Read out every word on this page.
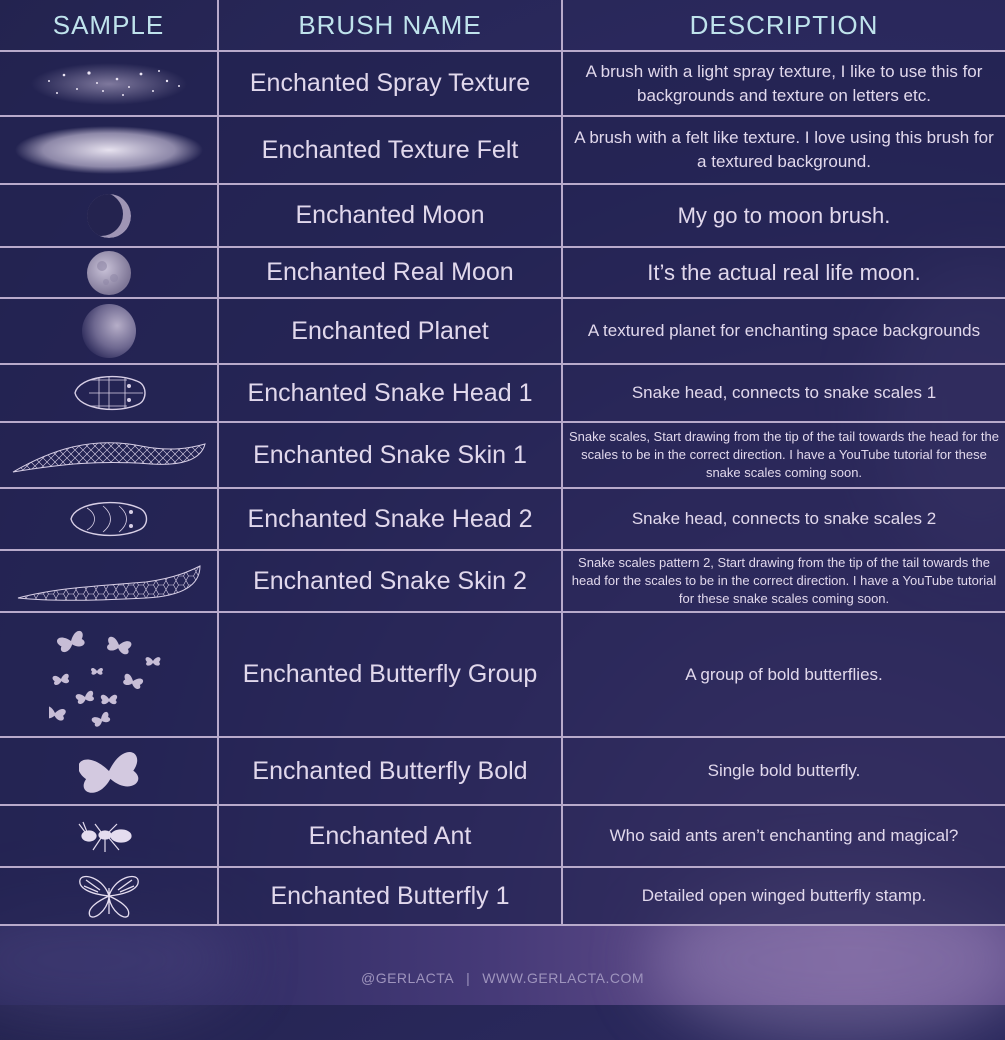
SAMPLE	BRUSH NAME	DESCRIPTION

	Enchanted Spray Texture	A brush with a light spray texture, I like to use this for backgrounds and texture on letters etc.

	Enchanted Texture Felt	A brush with a felt like texture. I love using this brush for a textured background.

	Enchanted Moon	My go to moon brush.

	Enchanted Real Moon	It’s the actual real life moon.

	Enchanted Planet	A textured planet for enchanting space backgrounds

	Enchanted Snake Head 1	Snake head, connects to snake scales 1

	Enchanted Snake Skin 1	Snake scales, Start drawing from the tip of the tail towards the head for the scales to be in the correct direction. I have a YouTube tutorial for these snake scales coming soon.

	Enchanted Snake Head 2	Snake head, connects to snake scales 2

	Enchanted Snake Skin 2	Snake scales pattern 2, Start drawing from the tip of the tail towards the head for the scales to be in the correct direction. I have a YouTube tutorial for these snake scales coming soon.

	Enchanted Butterfly Group	A group of bold butterflies.

	Enchanted Butterfly Bold	Single bold butterfly.

	Enchanted Ant	Who said ants aren’t enchanting and magical?

	Enchanted Butterfly 1	Detailed open winged butterfly stamp.
@GERLACTA | WWW.GERLACTA.COM
